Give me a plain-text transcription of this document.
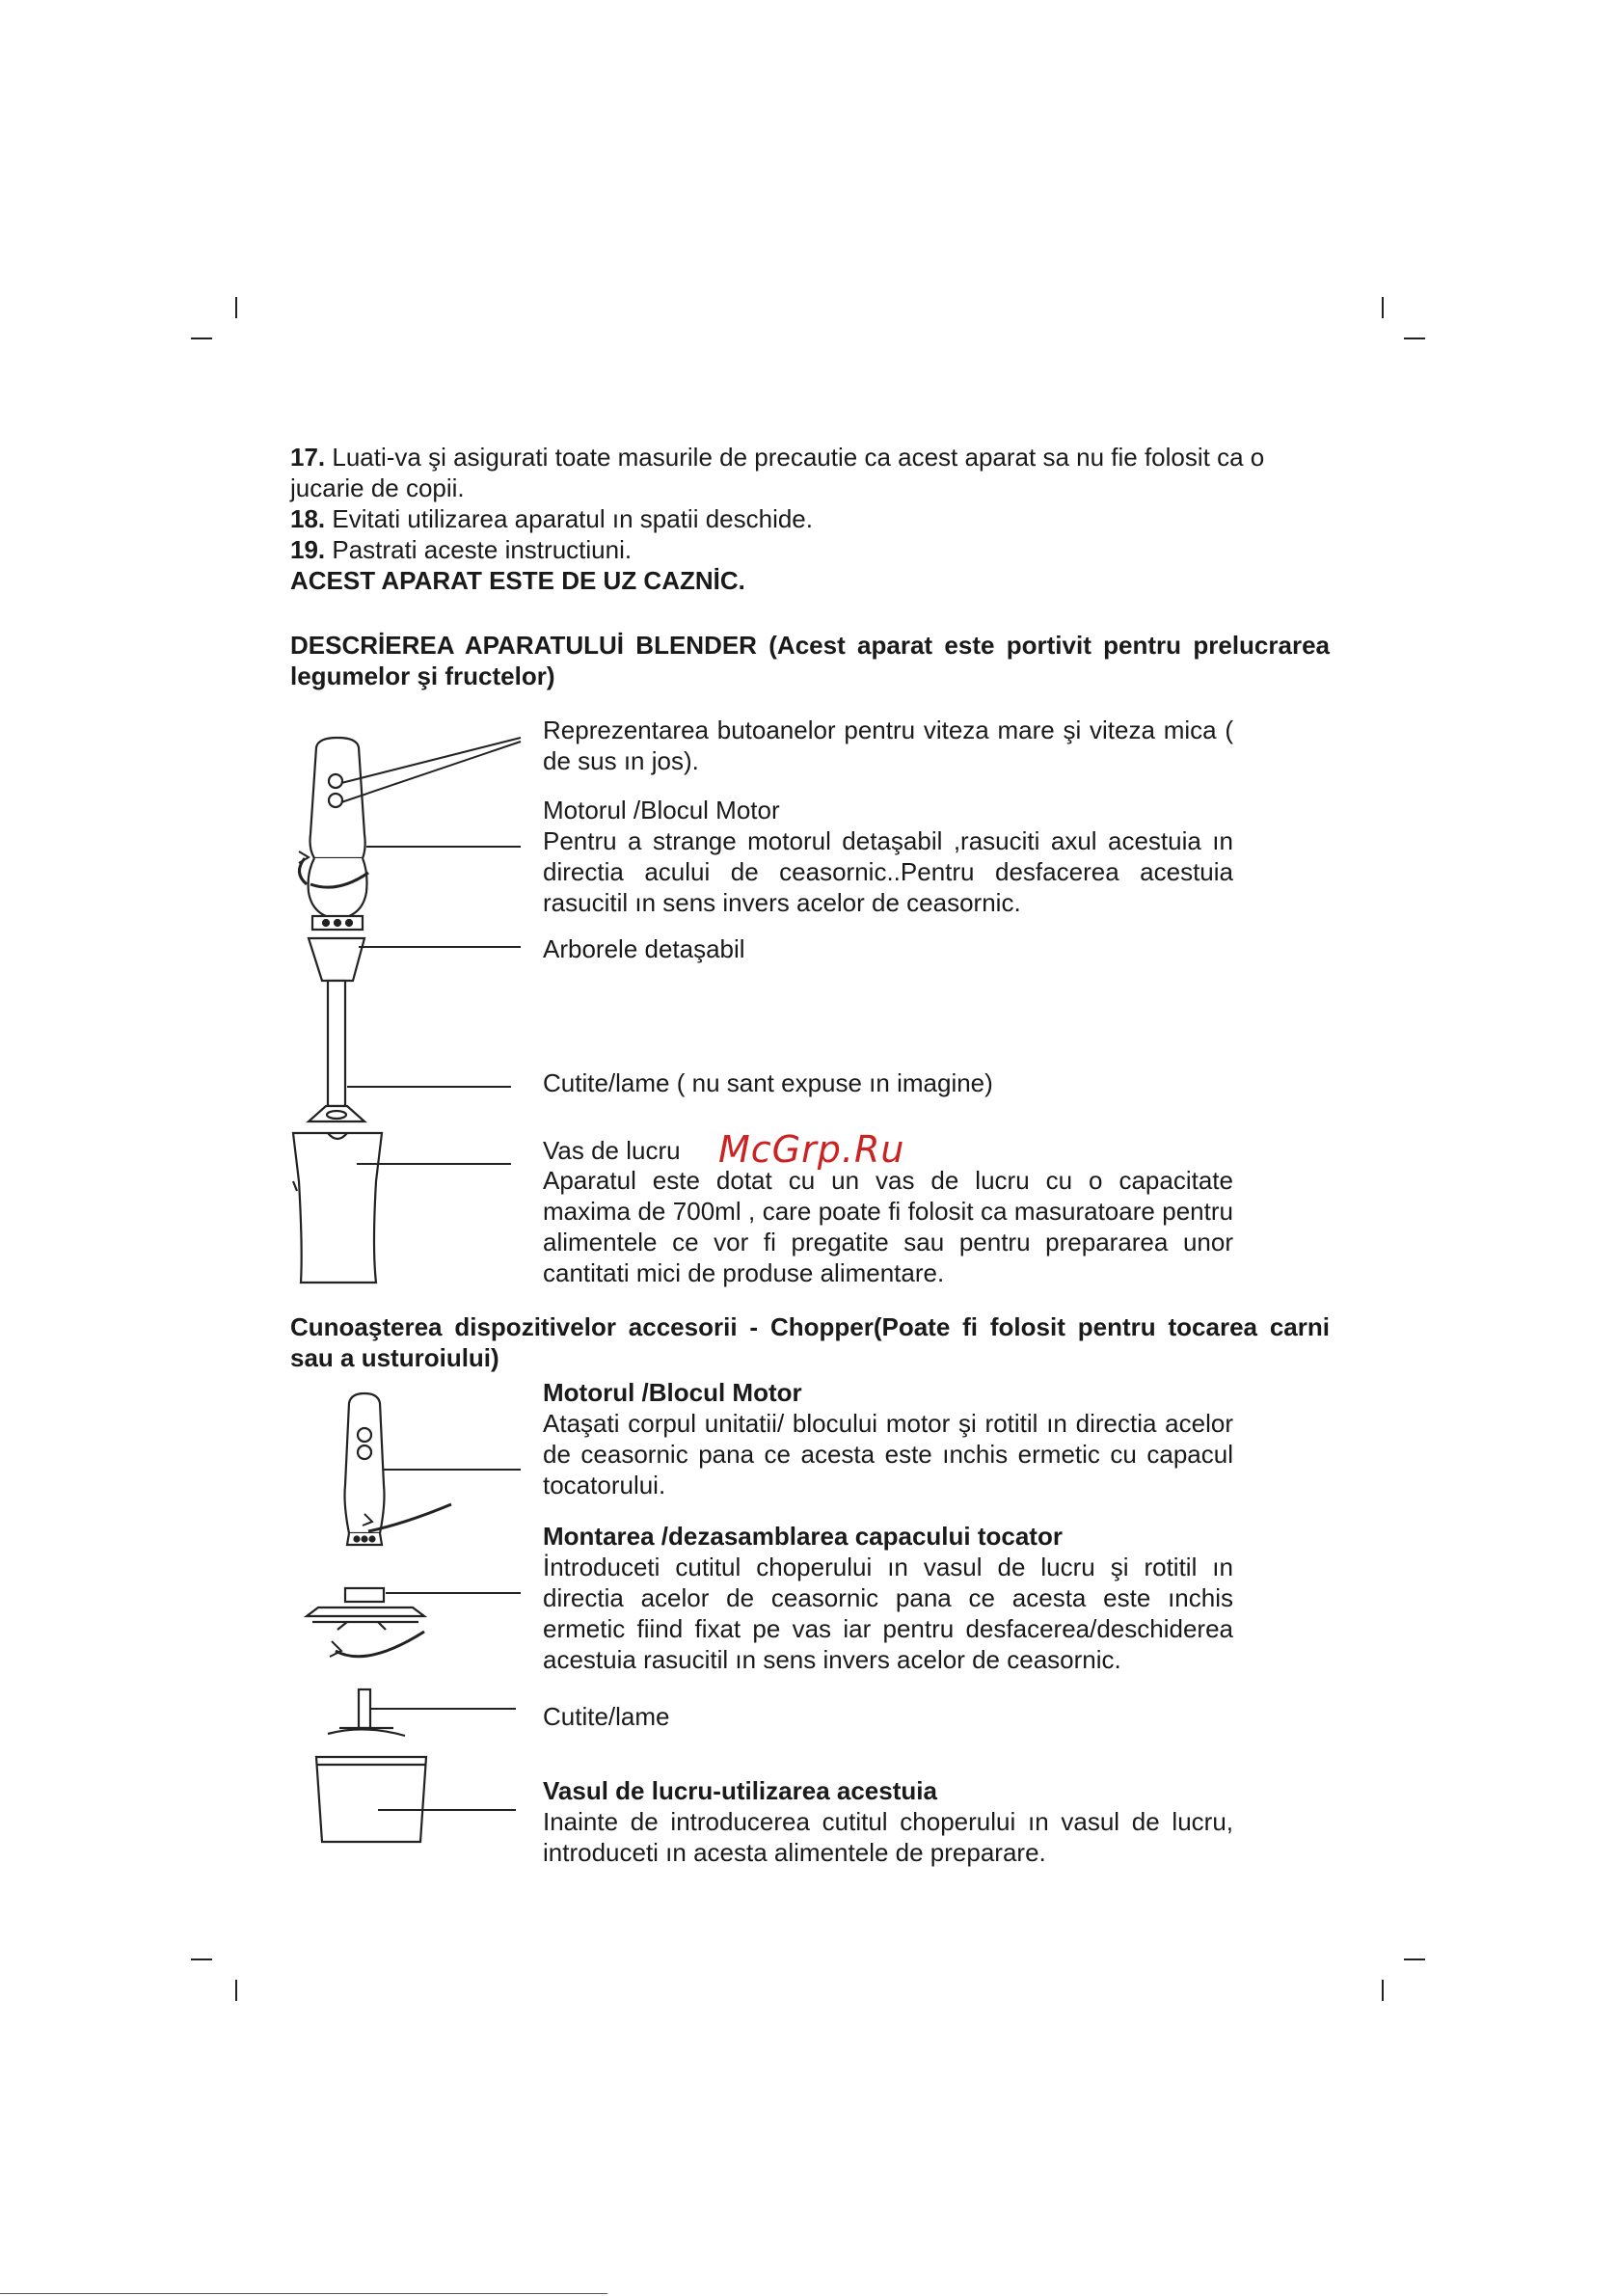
17. Luati-va şi asigurati toate masurile de precautie ca acest aparat sa nu fie folosit ca o jucarie de copii.
18. Evitati utilizarea aparatul ın spatii deschide.
19. Pastrati aceste instructiuni.
ACEST APARAT ESTE DE UZ CAZNİC.
DESCRİEREA APARATULUİ BLENDER (Acest aparat este portivit pentru prelucrarea legumelor şi fructelor)
Reprezentarea butoanelor pentru viteza mare şi viteza mica ( de sus ın jos).
Motorul /Blocul Motor
Pentru a strange motorul detaşabil ,rasuciti axul acestuia ın directia acului de ceasornic..Pentru desfacerea acestuia rasucitil ın sens invers acelor de ceasornic.
Arborele detaşabil
Cutite/lame ( nu sant expuse ın imagine)
Vas de lucru	McGrp.Ru
Aparatul este dotat cu un vas de lucru cu o capacitate maxima de 700ml , care poate fi folosit ca masuratoare pentru alimentele ce vor fi pregatite sau pentru prepararea unor cantitati mici de produse alimentare.
Cunoaşterea dispozitivelor accesorii - Chopper(Poate fi folosit pentru tocarea carni sau a usturoiului)
Motorul /Blocul Motor
Ataşati corpul unitatii/ blocului motor şi rotitil ın directia acelor de ceasornic pana ce acesta este ınchis ermetic cu capacul tocatorului.
Montarea /dezasamblarea capacului tocator
İntroduceti cutitul choperului ın vasul de lucru şi rotitil ın directia acelor de ceasornic pana ce acesta este ınchis ermetic fiind fixat pe vas iar pentru desfacerea/deschiderea acestuia rasucitil ın sens invers acelor de ceasornic.
Cutite/lame
Vasul de lucru-utilizarea acestuia
Inainte de introducerea cutitul choperului ın vasul de lucru, introduceti ın acesta alimentele de preparare.
